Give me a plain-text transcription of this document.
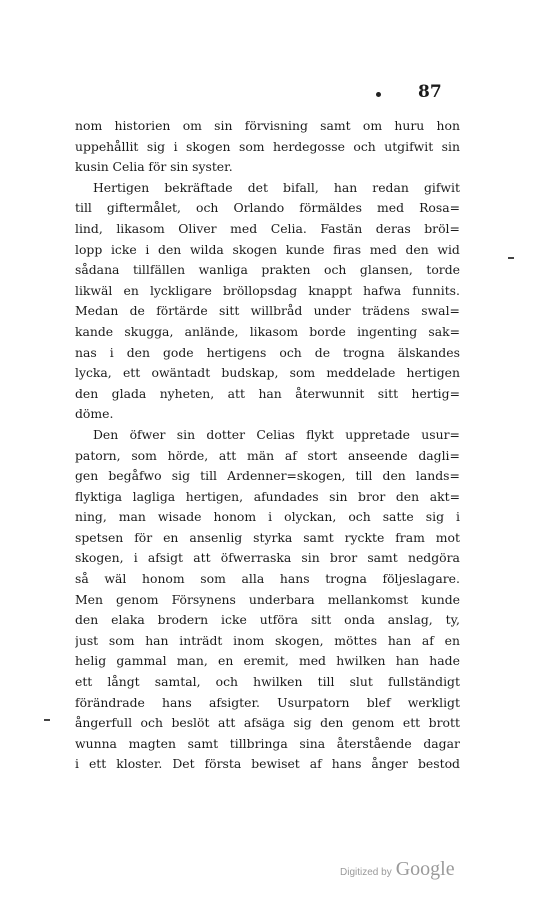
87
nom historien om sin förvisning samt om huru hon
uppehållit sig i skogen som herdegosse och utgifwit sin
kusin Celia för sin syster.
Hertigen bekräftade det bifall, han redan gifwit
till giftermålet, och Orlando förmäldes med Rosa=
lind, likasom Oliver med Celia. Fastän deras bröl=
lopp icke i den wilda skogen kunde firas med den wid
sådana tillfällen wanliga prakten och glansen, torde
likwäl en lyckligare bröllopsdag knappt hafwa funnits.
Medan de förtärde sitt willbråd under trädens swal=
kande skugga, anlände, likasom borde ingenting sak=
nas i den gode hertigens och de trogna älskandes
lycka, ett owäntadt budskap, som meddelade hertigen
den glada nyheten, att han återwunnit sitt hertig=
döme.
Den öfwer sin dotter Celias flykt uppretade usur=
patorn, som hörde, att män af stort anseende dagli=
gen begåfwo sig till Ardenner=skogen, till den lands=
flyktiga lagliga hertigen, afundades sin bror den akt=
ning, man wisade honom i olyckan, och satte sig i
spetsen för en ansenlig styrka samt ryckte fram mot
skogen, i afsigt att öfwerraska sin bror samt nedgöra
så wäl honom som alla hans trogna följeslagare.
Men genom Försynens underbara mellankomst kunde
den elaka brodern icke utföra sitt onda anslag, ty,
just som han inträdt inom skogen, möttes han af en
helig gammal man, en eremit, med hwilken han hade
ett långt samtal, och hwilken till slut fullständigt
förändrade hans afsigter. Usurpatorn blef werkligt
ångerfull och beslöt att afsäga sig den genom ett brott
wunna magten samt tillbringa sina återstående dagar
i ett kloster. Det första bewiset af hans ånger bestod
Digitized by Google
